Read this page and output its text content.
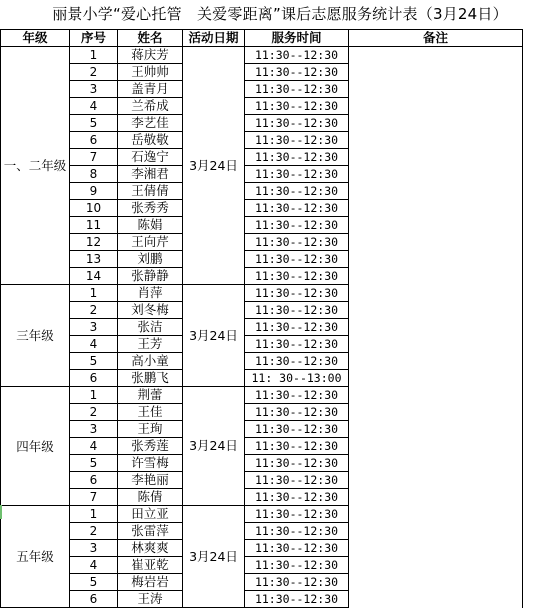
丽景小学“爱心托管　关爱零距离”课后志愿服务统计表（3月24日）
年级	序号	姓名	活动日期	服务时间	备注
一、二年级	1	蒋庆芳	3月24日	11:30--12:30	
	2	王帅帅		11:30--12:30	
	3	盖青月		11:30--12:30	
	4	兰希成		11:30--12:30	
	5	李艺佳		11:30--12:30	
	6	岳敬敬		11:30--12:30	
	7	石逸宁		11:30--12:30	
	8	李湘君		11:30--12:30	
	9	王倩倩		11:30--12:30	
	10	张秀秀		11:30--12:30	
	11	陈娟		11:30--12:30	
	12	王向芹		11:30--12:30	
	13	刘鹏		11:30--12:30	
	14	张静静		11:30--12:30	
三年级	1	肖萍	3月24日	11:30--12:30	
	2	刘冬梅		11:30--12:30	
	3	张洁		11:30--12:30	
	4	王芳		11:30--12:30	
	5	高小童		11:30--12:30	
	6	张鹏飞		11: 30--13:00	
四年级	1	荆蕾	3月24日	11:30--12:30	
	2	王佳		11:30--12:30	
	3	王珣		11:30--12:30	
	4	张秀莲		11:30--12:30	
	5	许雪梅		11:30--12:30	
	6	李艳丽		11:30--12:30	
	7	陈倩		11:30--12:30	
五年级	1	田立亚	3月24日	11:30--12:30	
	2	张雷萍		11:30--12:30	
	3	林爽爽		11:30--12:30	
	4	崔亚乾		11:30--12:30	
	5	梅岩岩		11:30--12:30	
	6	王涛		11:30--12:30	
